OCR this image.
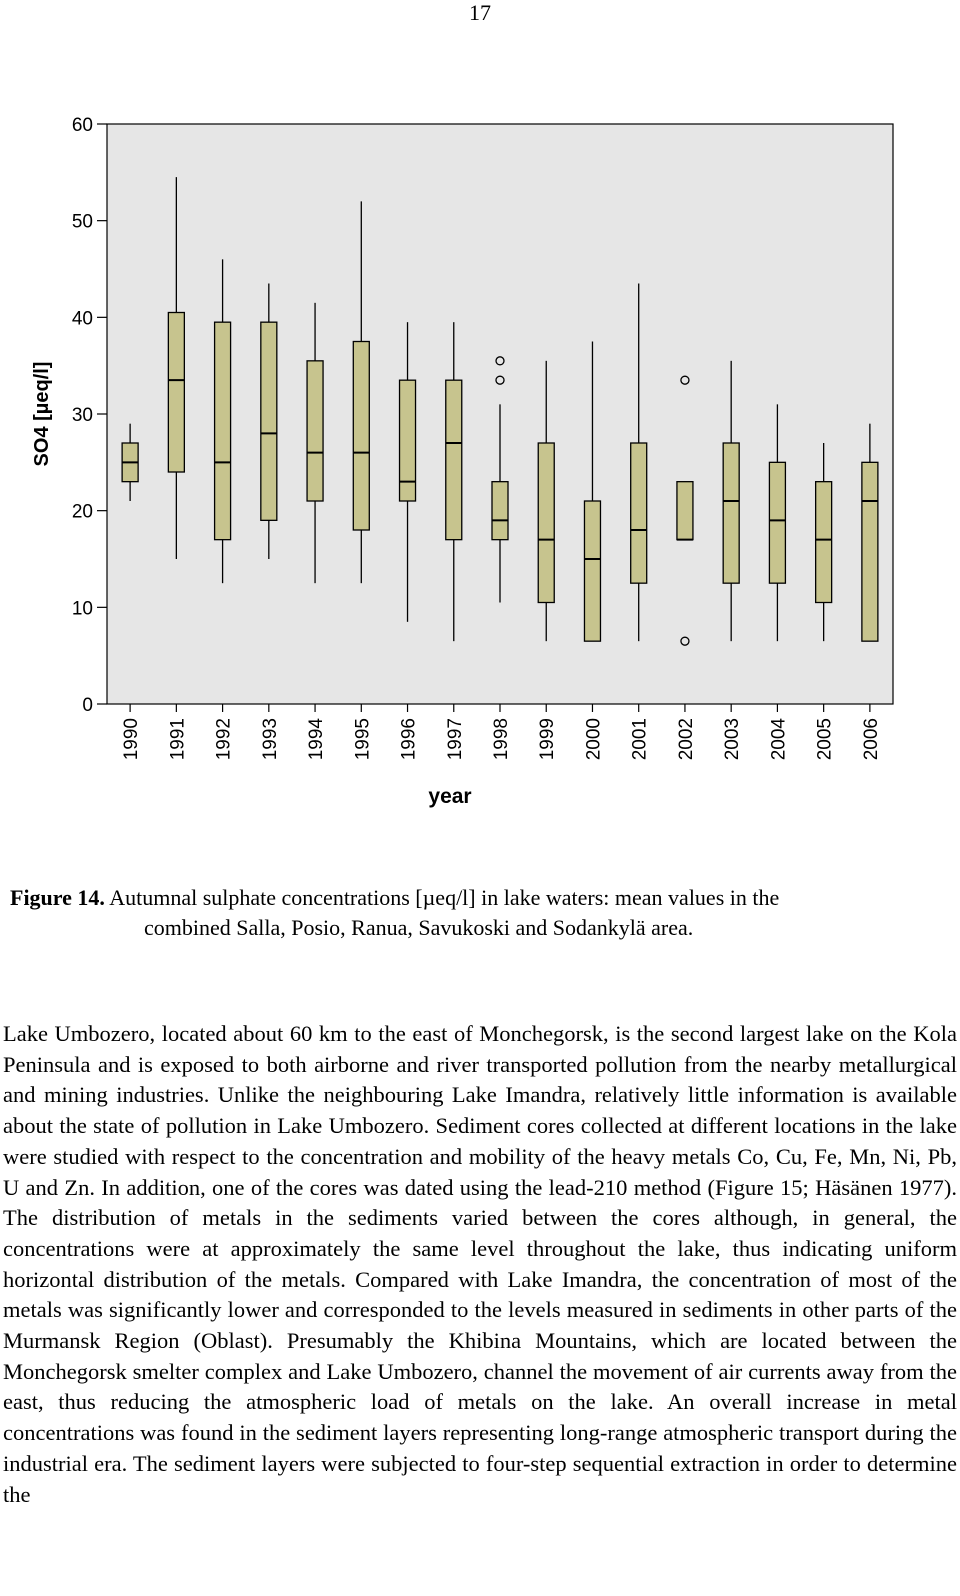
17
0
10
20
30
40
50
60
SO4 [µeq/l]
1990 1991 1992 1993 1994 1995 1996 1997 1998 1999 2000 2001 2002 2003 2004 2005 2006
year
Figure 14. Autumnal sulphate concentrations [µeq/l] in lake waters: mean values in the
combined Salla, Posio, Ranua, Savukoski and Sodankylä area.

Lake Umbozero, located about 60 km to the east of Monchegorsk, is the second largest lake on the Kola Peninsula and is exposed to both airborne and river transported pollution from the nearby metallurgical and mining industries. Unlike the neighbouring Lake Imandra, relatively little information is available about the state of pollution in Lake Umbozero. Sediment cores collected at different locations in the lake were studied with respect to the concentration and mobility of the heavy metals Co, Cu, Fe, Mn, Ni, Pb, U and Zn. In addition, one of the cores was dated using the lead-210 method (Figure 15; Häsänen 1977). The distribution of metals in the sediments varied between the cores although, in general, the concentrations were at approximately the same level throughout the lake, thus indicating uniform horizontal distribution of the metals. Compared with Lake Imandra, the concentration of most of the metals was significantly lower and corresponded to the levels measured in sediments in other parts of the Murmansk Region (Oblast). Presumably the Khibina Mountains, which are located between the Monchegorsk smelter complex and Lake Umbozero, channel the movement of air currents away from the east, thus reducing the atmospheric load of metals on the lake. An overall increase in metal concentrations was found in the sediment layers representing long-range atmospheric transport during the industrial era. The sediment layers were subjected to four-step sequential extraction in order to determine the
